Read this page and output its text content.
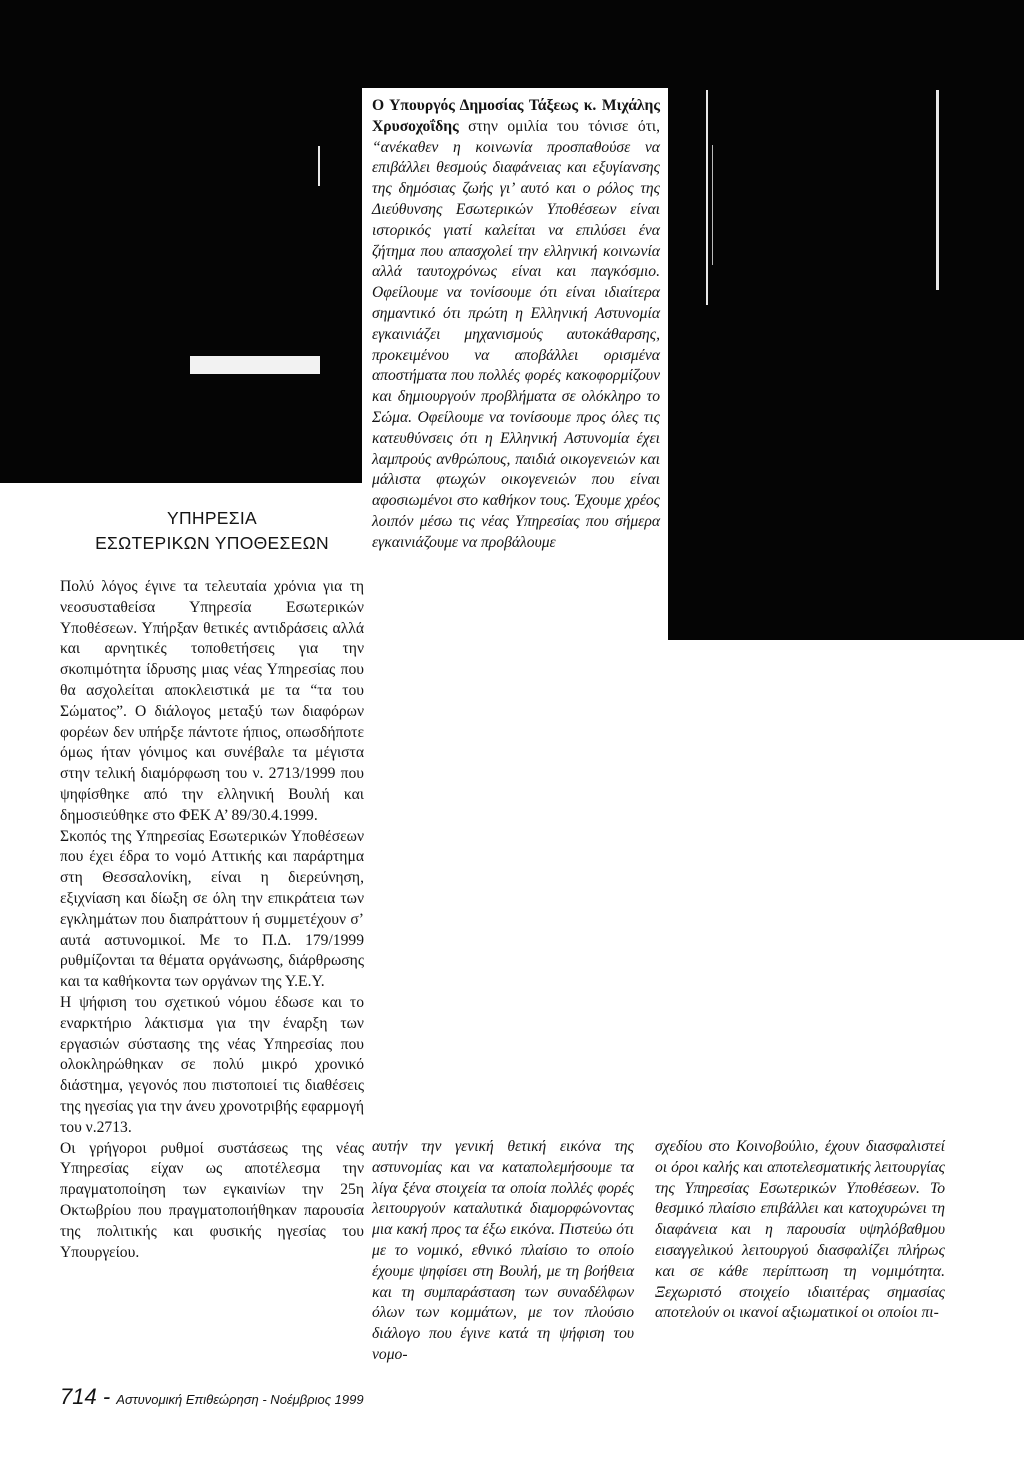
ΥΠΗΡΕΣΙΑ
ΕΣΩΤΕΡΙΚΩΝ ΥΠΟΘΕΣΕΩΝ

Πολύ λόγος έγινε τα τελευταία χρόνια για τη νεοσυσταθείσα Υπηρεσία Εσωτερικών Υποθέσεων. Υπήρξαν θετικές αντιδράσεις αλλά και αρνητικές τοποθετήσεις για την σκοπιμότητα ίδρυσης μιας νέας Υπηρεσίας που θα ασχολείται αποκλειστικά με τα “τα του Σώματος”. Ο διάλογος μεταξύ των διαφόρων φορέων δεν υπήρξε πάντοτε ήπιος, οπωσδήποτε όμως ήταν γόνιμος και συνέβαλε τα μέγιστα στην τελική διαμόρφωση του ν. 2713/1999 που ψηφίσθηκε από την ελληνική Βουλή και δημοσιεύθηκε στο ΦΕΚ Α’ 89/30.4.1999.

Σκοπός της Υπηρεσίας Εσωτερικών Υποθέσεων που έχει έδρα το νομό Αττικής και παράρτημα στη Θεσσαλονίκη, είναι η διερεύνηση, εξιχνίαση και δίωξη σε όλη την επικράτεια των εγκλημάτων που διαπράττουν ή συμμετέχουν σ’ αυτά αστυνομικοί. Με το Π.Δ. 179/1999 ρυθμίζονται τα θέματα οργάνωσης, διάρθρωσης και τα καθήκοντα των οργάνων της Υ.Ε.Υ.

Η ψήφιση του σχετικού νόμου έδωσε και το εναρκτήριο λάκτισμα για την έναρξη των εργασιών σύστασης της νέας Υπηρεσίας που ολοκληρώθηκαν σε πολύ μικρό χρονικό διάστημα, γεγονός που πιστοποιεί τις διαθέσεις της ηγεσίας για την άνευ χρονοτριβής εφαρμογή του ν.2713.

Οι γρήγοροι ρυθμοί συστάσεως της νέας Υπηρεσίας είχαν ως αποτέλεσμα την πραγματοποίηση των εγκαινίων την 25η Οκτωβρίου που πραγματοποιήθηκαν παρουσία της πολιτικής και φυσικής ηγεσίας του Υπουργείου.

Ο Υπουργός Δημοσίας Τάξεως κ. Μιχάλης Χρυσοχοΐδης στην ομιλία του τόνισε ότι, “ανέκαθεν η κοινωνία προσπαθούσε να επιβάλλει θεσμούς διαφάνειας και εξυγίανσης της δημόσιας ζωής γι’ αυτό και ο ρόλος της Διεύθυνσης Εσωτερικών Υποθέσεων είναι ιστορικός γιατί καλείται να επιλύσει ένα ζήτημα που απασχολεί την ελληνική κοινωνία αλλά ταυτοχρόνως είναι και παγκόσμιο. Οφείλουμε να τονίσουμε ότι είναι ιδιαίτερα σημαντικό ότι πρώτη η Ελληνική Αστυνομία εγκαινιάζει μηχανισμούς αυτοκάθαρσης, προκειμένου να αποβάλλει ορισμένα αποστήματα που πολλές φορές κακοφορμίζουν και δημιουργούν προβλήματα σε ολόκληρο το Σώμα. Οφείλουμε να τονίσουμε προς όλες τις κατευθύνσεις ότι η Ελληνική Αστυνομία έχει λαμπρούς ανθρώπους, παιδιά οικογενειών και μάλιστα φτωχών οικογενειών που είναι αφοσιωμένοι στο καθήκον τους. Έχουμε χρέος λοιπόν μέσω τις νέας Υπηρεσίας που σήμερα εγκαινιάζουμε να προβάλουμε

αυτήν την γενική θετική εικόνα της αστυνομίας και να καταπολεμήσουμε τα λίγα ξένα στοιχεία τα οποία πολλές φορές λειτουργούν καταλυτικά διαμορφώνοντας μια κακή προς τα έξω εικόνα. Πιστεύω ότι με το νομικό, εθνικό πλαίσιο το οποίο έχουμε ψηφίσει στη Βουλή, με τη βοήθεια και τη συμπαράσταση των συναδέλφων όλων των κομμάτων, με τον πλούσιο διάλογο που έγινε κατά τη ψήφιση του νομο-

σχεδίου στο Κοινοβούλιο, έχουν διασφαλιστεί οι όροι καλής και αποτελεσματικής λειτουργίας της Υπηρεσίας Εσωτερικών Υποθέσεων. Το θεσμικό πλαίσιο επιβάλλει και κατοχυρώνει τη διαφάνεια και η παρουσία υψηλόβαθμου εισαγγελικού λειτουργού διασφαλίζει πλήρως και σε κάθε περίπτωση τη νομιμότητα. Ξεχωριστό στοιχείο ιδιαιτέρας σημασίας αποτελούν οι ικανοί αξιωματικοί οι οποίοι πι-

714 - Αστυνομική Επιθεώρηση - Νοέμβριος 1999
